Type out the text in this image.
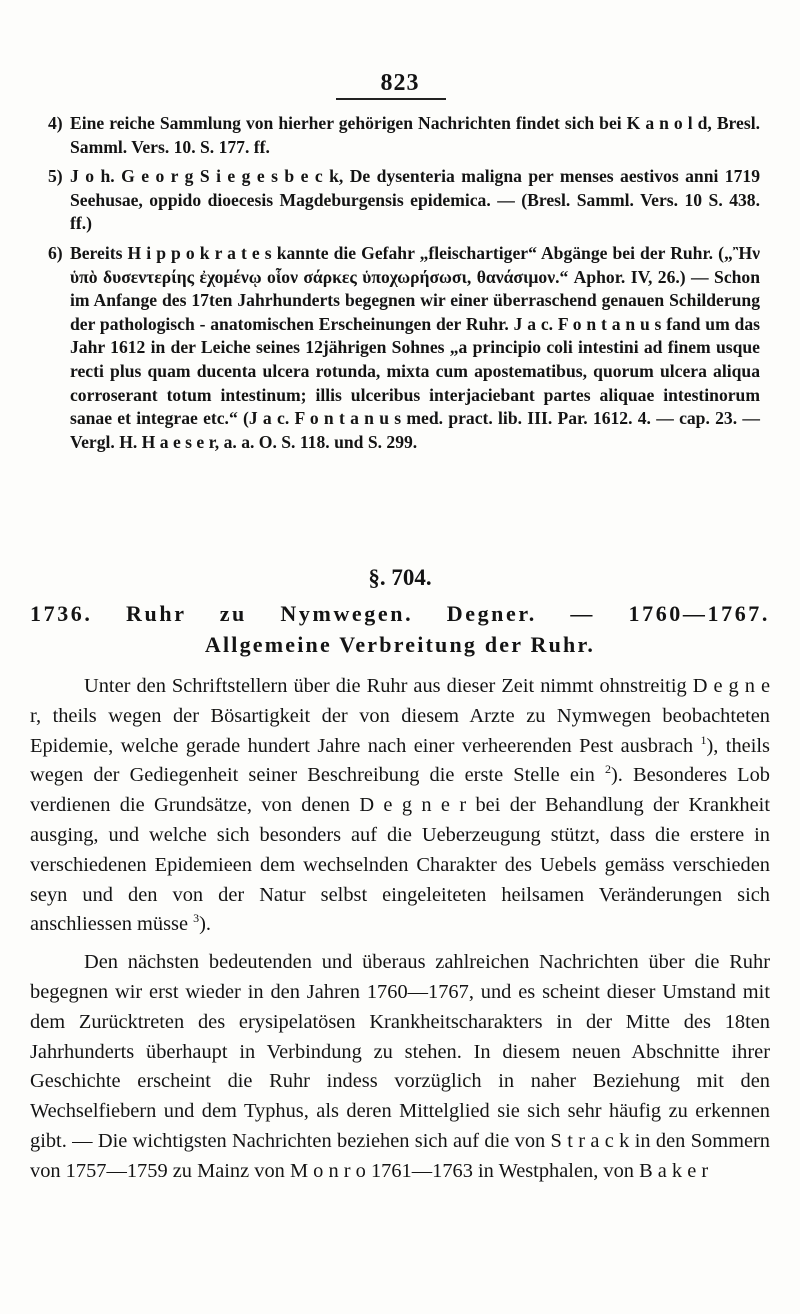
823
4) Eine reiche Sammlung von hierher gehörigen Nachrichten findet sich bei K a n o l d, Bresl. Samml. Vers. 10. S. 177. ff.
5) J o h. G e o r g S i e g e s b e c k, De dysenteria maligna per menses aestivos anni 1719 Seehusae, oppido dioecesis Magdeburgensis epidemica. — (Bresl. Samml. Vers. 10 S. 438. ff.)
6) Bereits H i p p o k r a t e s kannte die Gefahr „fleischartiger“ Abgänge bei der Ruhr. („Ἢν ὑπὸ δυσεντερίης ἐχομένῳ οἷον σάρκες ὑποχωρήσωσι, θανάσιμον.“ Aphor. IV, 26.) — Schon im Anfange des 17ten Jahrhunderts begegnen wir einer überraschend genauen Schilderung der pathologisch - anatomischen Erscheinungen der Ruhr. J a c. F o n t a n u s fand um das Jahr 1612 in der Leiche seines 12jährigen Sohnes „a principio coli intestini ad finem usque recti plus quam ducenta ulcera rotunda, mixta cum apostematibus, quorum ulcera aliqua corroserant totum intestinum; illis ulceribus interjaciebant partes aliquae intestinorum sanae et integrae etc.“ (J a c. F o n t a n u s med. pract. lib. III. Par. 1612. 4. — cap. 23. — Vergl. H. H a e s e r, a. a. O. S. 118. und S. 299.
§. 704.
1736. Ruhr zu Nymwegen. Degner. — 1760—1767.
Allgemeine Verbreitung der Ruhr.

Unter den Schriftstellern über die Ruhr aus dieser Zeit nimmt ohnstreitig D e g n e r, theils wegen der Bösartigkeit der von diesem Arzte zu Nymwegen beobachteten Epidemie, welche gerade hundert Jahre nach einer verheerenden Pest ausbrach $^1$), theils wegen der Gediegenheit seiner Beschreibung die erste Stelle ein $^2$). Besonderes Lob verdienen die Grundsätze, von denen D e g n e r bei der Behandlung der Krankheit ausging, und welche sich besonders auf die Ueberzeugung stützt, dass die erstere in verschiedenen Epidemieen dem wechselnden Charakter des Uebels gemäss verschieden seyn und den von der Natur selbst eingeleiteten heilsamen Veränderungen sich anschliessen müsse $^3$).

Den nächsten bedeutenden und überaus zahlreichen Nachrichten über die Ruhr begegnen wir erst wieder in den Jahren 1760—1767, und es scheint dieser Umstand mit dem Zurücktreten des erysipelatösen Krankheitscharakters in der Mitte des 18ten Jahrhunderts überhaupt in Verbindung zu stehen. In diesem neuen Abschnitte ihrer Geschichte erscheint die Ruhr indess vorzüglich in naher Beziehung mit den Wechselfiebern und dem Typhus, als deren Mittelglied sie sich sehr häufig zu erkennen gibt. — Die wichtigsten Nachrichten beziehen sich auf die von S t r a c k in den Sommern von 1757—1759 zu Mainz von M o n r o 1761—1763 in Westphalen, von B a k e r
